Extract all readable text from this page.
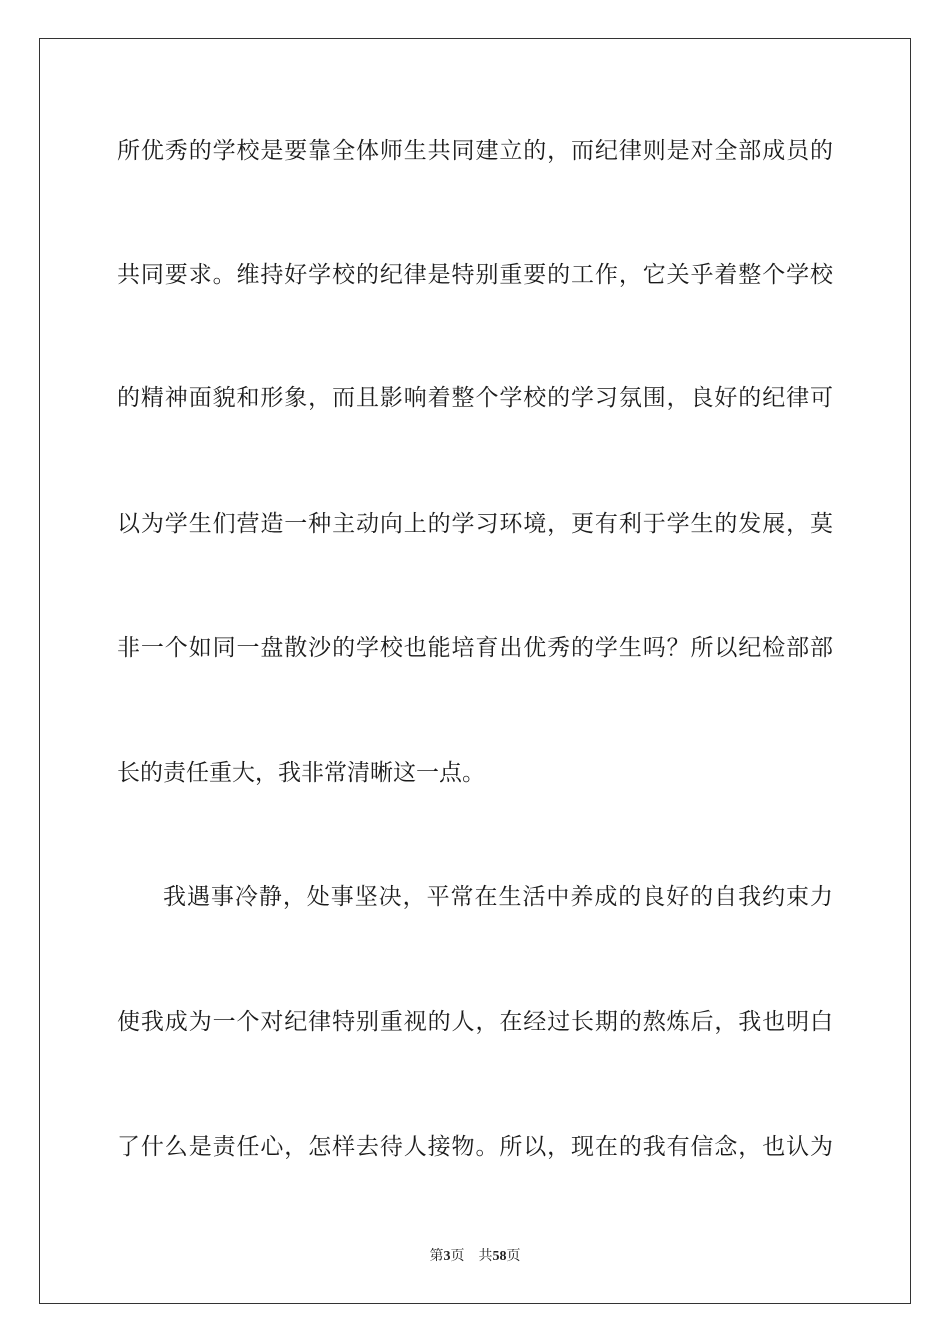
所优秀的学校是要靠全体师生共同建立的，而纪律则是对全部成员的
共同要求。维持好学校的纪律是特别重要的工作，它关乎着整个学校
的精神面貌和形象，而且影响着整个学校的学习氛围，良好的纪律可
以为学生们营造一种主动向上的学习环境，更有利于学生的发展，莫
非一个如同一盘散沙的学校也能培育出优秀的学生吗？所以纪检部部
长的责任重大，我非常清晰这一点。
我遇事冷静，处事坚决，平常在生活中养成的良好的自我约束力
使我成为一个对纪律特别重视的人，在经过长期的熬炼后，我也明白
了什么是责任心，怎样去待人接物。所以，现在的我有信念，也认为
第3页 共58页
